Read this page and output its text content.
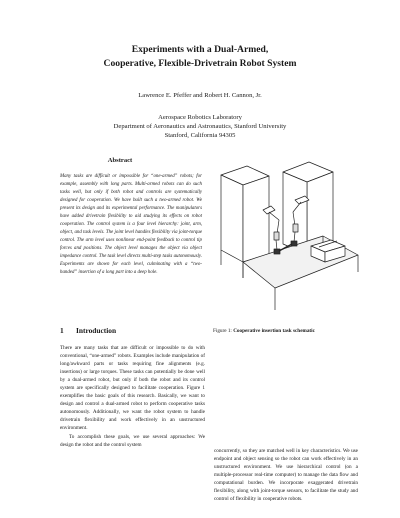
Experiments with a Dual-Armed,
Cooperative, Flexible-Drivetrain Robot System
Lawrence E. Pfeffer and Robert H. Cannon, Jr.
Aerospace Robotics Laboratory
Department of Aeronautics and Astronautics, Stanford University
Stanford, California 94305
Abstract
Many tasks are difficult or impossible for “one-armed” robots; for example, assembly with long parts. Multi-armed robots can do such tasks well, but only if both robot and controls are systematically designed for cooperation. We have built such a two-armed robot. We present its design and its experimental performance. The manipulators have added drivetrain flexibility to aid studying its effects on robot cooperation. The control system is a four level hierarchy: joint, arm, object, and task levels. The joint level handles flexibility via joint-torque control. The arm level uses nonlinear end-point feedback to control tip forces and positions. The object level manages the object via object impedance control. The task level directs multi-step tasks autonomously. Experiments are shown for each level, culminating with a “two-handed” insertion of a long part into a deep hole.
1 Introduction

There are many tasks that are difficult or impossible to do with conventional, “one-armed” robots. Examples include manipulation of long/awkward parts or tasks requiring fine alignments (e.g. insertions) or large torques. These tasks can potentially be done well by a dual-armed robot, but only if both the robot and its control system are specifically designed to facilitate cooperation. Figure 1 exemplifies the basic goals of this research. Basically, we want to design and control a dual-armed robot to perform cooperative tasks autonomously. Additionally, we want the robot system to handle drivetrain flexibility and work effectively in an unstructured environment.

To accomplish these goals, we use several approaches: We design the robot and the control system

concurrently, so they are matched well in key characteristics. We use endpoint and object sensing so the robot can work effectively in an unstructured environment. We use hierarchical control (on a multiple-processor real-time computer) to manage the data flow and computational burden. We incorporate exaggerated drivetrain flexibility, along with joint-torque sensors, to facilitate the study and control of flexibility in cooperative robots.
Figure 1: Cooperative insertion task schematic
